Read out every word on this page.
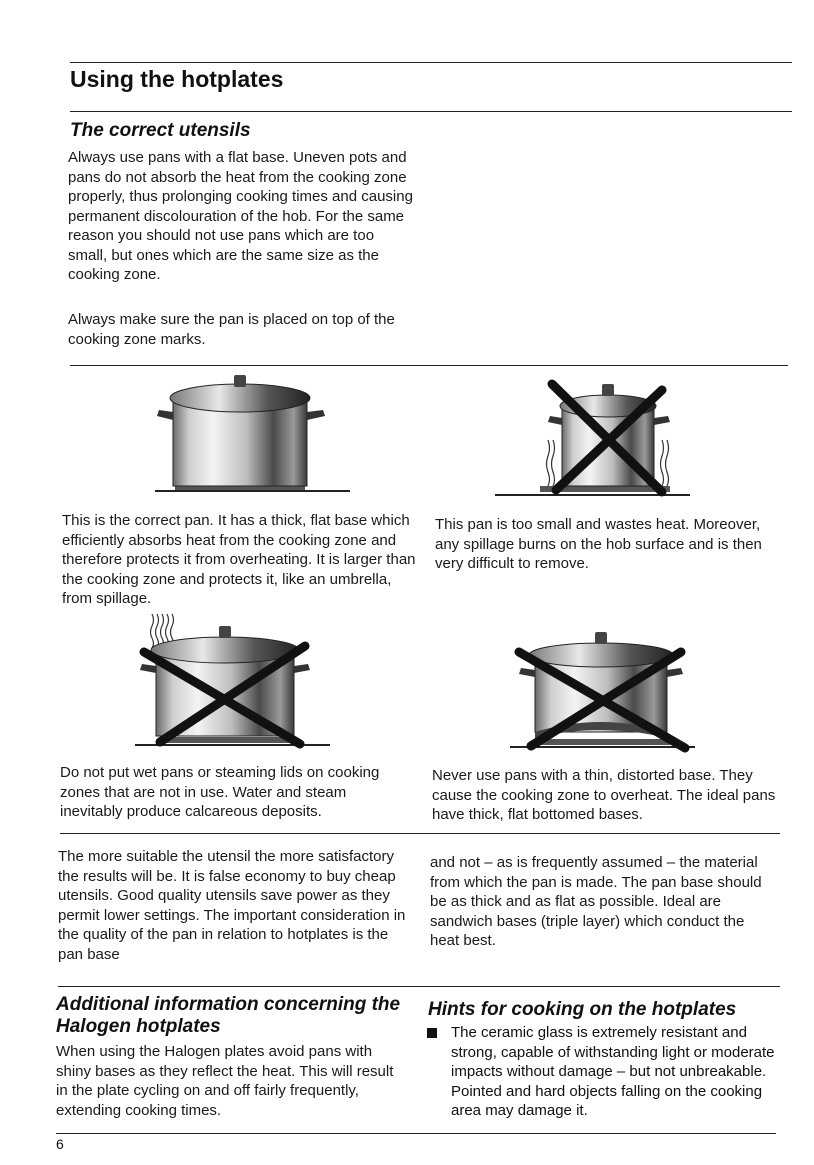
Using the hotplates
The correct utensils

Always use pans with a flat base. Uneven pots and pans do not absorb the heat from the cooking zone properly, thus prolonging cooking times and causing permanent discolouration of the hob. For the same reason you should not use pans which are too small, but ones which are the same size as the cooking zone.

Always make sure the pan is placed on top of the cooking zone marks.

This is the correct pan. It has a thick, flat base which efficiently absorbs heat from the cooking zone and therefore protects it from overheating. It is larger than the cooking zone and protects it, like an umbrella, from spillage.

This pan is too small and wastes heat. Moreover, any spillage burns on the hob surface and is then very difficult to remove.

Do not put wet pans or steaming lids on cooking zones that are not in use. Water and steam inevitably produce calcareous deposits.

Never use pans with a thin, distorted base. They cause the cooking zone to overheat. The ideal pans have thick, flat bottomed bases.

The more suitable the utensil the more satisfactory the results will be. It is false economy to buy cheap utensils. Good quality utensils save power as they permit lower settings. The important consideration in the quality of the pan in relation to hotplates is the pan base

and not – as is frequently assumed – the material from which the pan is made. The pan base should be as thick and as flat as possible. Ideal are sandwich bases (triple layer) which conduct the heat best.

Additional information concerning the Halogen hotplates

When using the Halogen plates avoid pans with shiny bases as they reflect the heat. This will result in the plate cycling on and off fairly frequently, extending cooking times.

Hints for cooking on the hotplates

The ceramic glass is extremely resistant and strong, capable of withstanding light or moderate impacts without damage – but not unbreakable. Pointed and hard objects falling on the cooking area may damage it.

6
